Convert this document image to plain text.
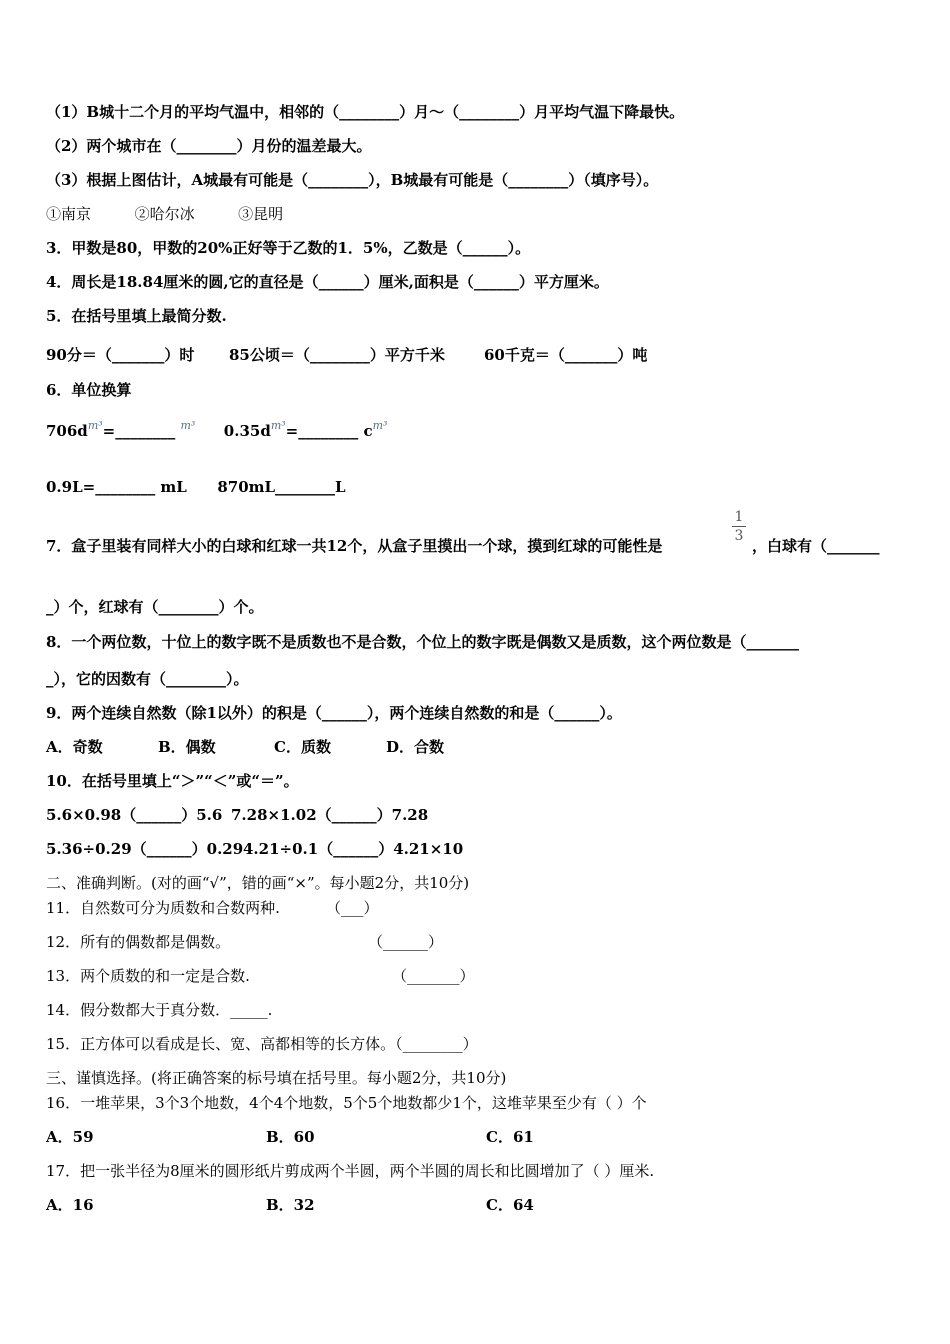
（1）B城十二个月的平均气温中，相邻的（________）月～（________）月平均气温下降最快。
（2）两个城市在（________）月份的温差最大。
（3）根据上图估计，A城最有可能是（________），B城最有可能是（________）（填序号）。
①南京	②哈尔冰	③昆明
3．甲数是80，甲数的20%正好等于乙数的1．5%，乙数是（______）。
4．周长是18.84厘米的圆,它的直径是（______）厘米,面积是（______）平方厘米。
5．在括号里填上最简分数.
90分＝（_______）时 85公顷＝（________）平方千米	60千克＝（_______）吨
6．单位换算
$706d^{m^3}=\_\_\_\_\_\_\_\_$ $^{m^3}$ $0.35d^{m^3}=\_\_\_\_\_\_\_\_$ $c^{m^3}$
0.9L=________ mL 870mL________L
7．盒子里装有同样大小的白球和红球一共12个，从盒子里摸出一个球，摸到红球的可能性是	，白球有（_______
1
3
_）个，红球有（________）个。
8．一个两位数，十位上的数字既不是质数也不是合数，个位上的数字既是偶数又是质数，这个两位数是（_______
_），它的因数有（________）。
9．两个连续自然数（除1以外）的积是（______），两个连续自然数的和是（______）。
A．奇数	B．偶数	C．质数	D．合数
10．在括号里填上“＞”“＜”或“＝”。
5.6×0.98（______）5.6 7.28×1.02（______）7.28
5.36÷0.29（______）0.29 4.21÷0.1（______）4.21×10
二、准确判断。(对的画“√”，错的画“×”。每小题2分，共10分)
11．自然数可分为质数和合数两种.	（___）
12．所有的偶数都是偶数。	（______）
13．两个质数的和一定是合数.	（_______）
14．假分数都大于真分数．_____.
15．正方体可以看成是长、宽、高都相等的长方体。（________）
三、谨慎选择。(将正确答案的标号填在括号里。每小题2分，共10分)
16．一堆苹果，3个3个地数，4个4个地数，5个5个地数都少1个，这堆苹果至少有（ ）个
A．59	B．60	C．61
17．把一张半径为8厘米的圆形纸片剪成两个半圆，两个半圆的周长和比圆增加了（ ）厘米.
A．16	B．32	C．64
